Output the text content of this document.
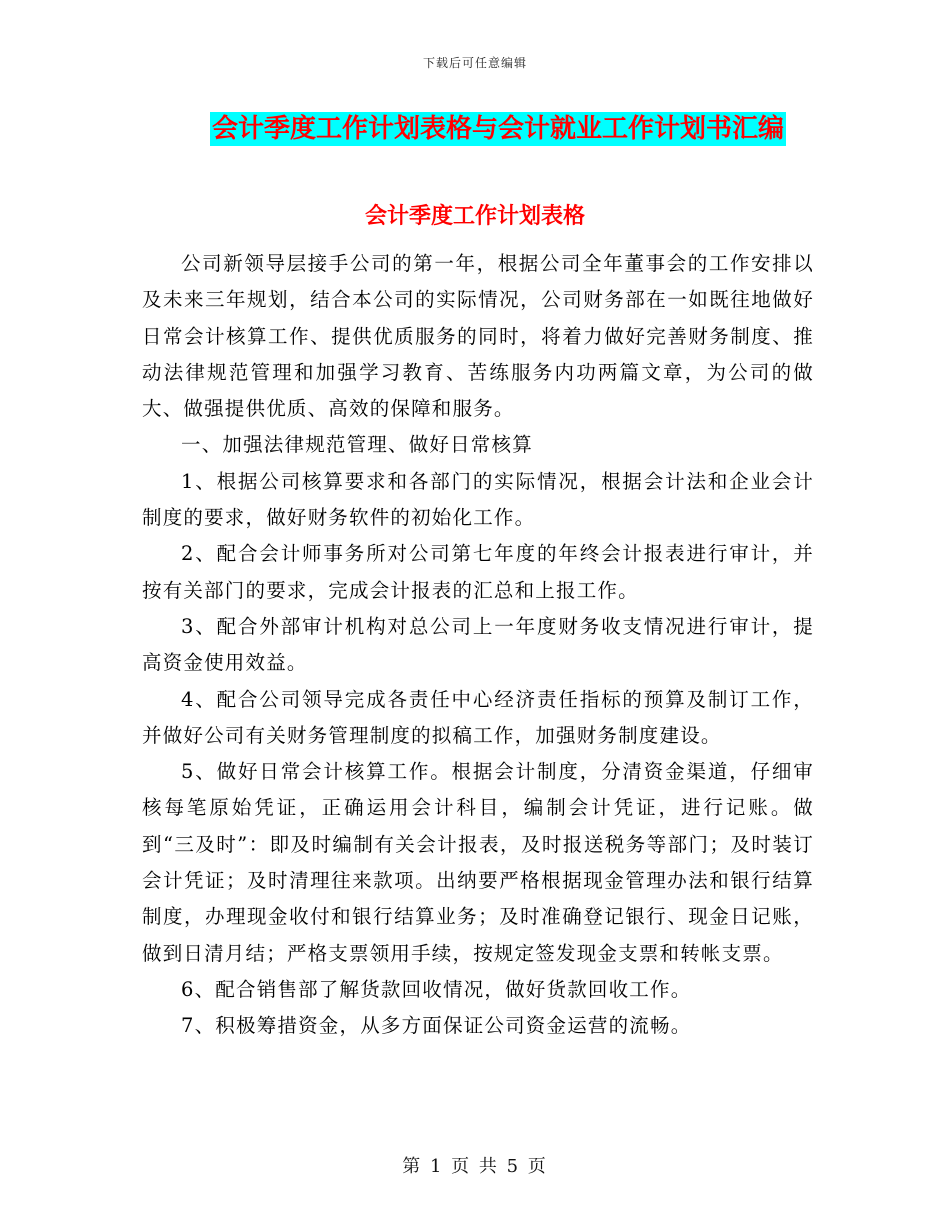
下载后可任意编辑
会计季度工作计划表格与会计就业工作计划书汇编
会计季度工作计划表格

公司新领导层接手公司的第一年，根据公司全年董事会的工作安排以及未来三年规划，结合本公司的实际情况，公司财务部在一如既往地做好日常会计核算工作、提供优质服务的同时，将着力做好完善财务制度、推动法律规范管理和加强学习教育、苦练服务内功两篇文章，为公司的做大、做强提供优质、高效的保障和服务。

一、加强法律规范管理、做好日常核算

1、根据公司核算要求和各部门的实际情况，根据会计法和企业会计制度的要求，做好财务软件的初始化工作。

2、配合会计师事务所对公司第七年度的年终会计报表进行审计，并按有关部门的要求，完成会计报表的汇总和上报工作。

3、配合外部审计机构对总公司上一年度财务收支情况进行审计，提高资金使用效益。

4、配合公司领导完成各责任中心经济责任指标的预算及制订工作，并做好公司有关财务管理制度的拟稿工作，加强财务制度建设。

5、做好日常会计核算工作。根据会计制度，分清资金渠道，仔细审核每笔原始凭证，正确运用会计科目，编制会计凭证，进行记账。做到“三及时”：即及时编制有关会计报表，及时报送税务等部门；及时装订会计凭证；及时清理往来款项。出纳要严格根据现金管理办法和银行结算制度，办理现金收付和银行结算业务；及时准确登记银行、现金日记账，做到日清月结；严格支票领用手续，按规定签发现金支票和转帐支票。

6、配合销售部了解货款回收情况，做好货款回收工作。

7、积极筹措资金，从多方面保证公司资金运营的流畅。

第 1 页 共 5 页
